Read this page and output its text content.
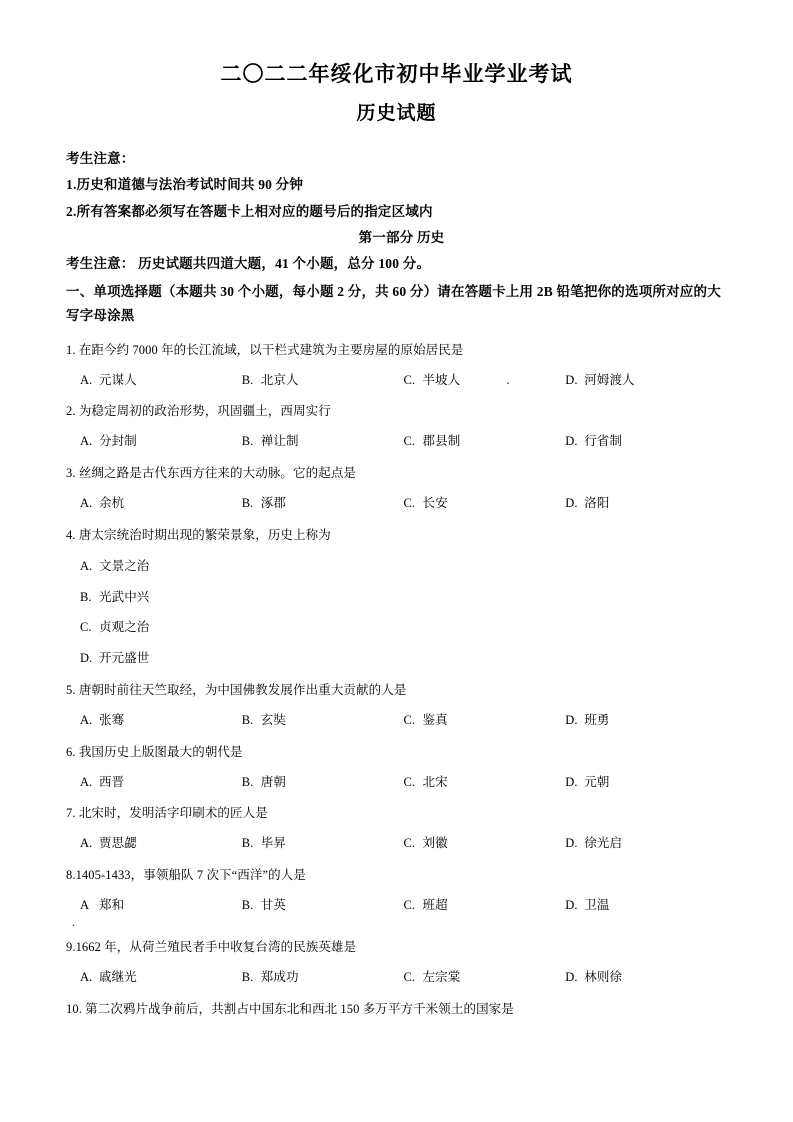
二〇二二年绥化市初中毕业学业考试
历史试题
考生注意：
1.历史和道德与法治考试时间共 90 分钟
2.所有答案都必须写在答题卡上相对应的题号后的指定区域内
第一部分 历史
考生注意： 历史试题共四道大题，41 个小题，总分 100 分。
一、单项选择题（本题共 30 个小题，每小题 2 分，共 60 分）请在答题卡上用 2B 铅笔把你的选项所对应的大写字母涂黑
1. 在距今约 7000 年的长江流域，以干栏式建筑为主要房屋的原始居民是
A. 元谋人	B. 北京人	C. 半坡人	.	D. 河姆渡人
2. 为稳定周初的政治形势，巩固疆土，西周实行
A. 分封制	B. 禅让制	C. 郡县制	D. 行省制
3. 丝绸之路是古代东西方往来的大动脉。它的起点是
A. 余杭	B. 涿郡	C. 长安	D. 洛阳
4. 唐太宗统治时期出现的繁荣景象，历史上称为
A. 文景之治
B. 光武中兴
C. 贞观之治
D. 开元盛世
5. 唐朝时前往天竺取经，为中国佛教发展作出重大贡献的人是
A. 张骞	B. 玄奘	C. 鉴真	D. 班勇
6. 我国历史上版图最大的朝代是
A. 西晋	B. 唐朝	C. 北宋	D. 元朝
7. 北宋时，发明活字印刷术的匠人是
A. 贾思勰	B. 毕昇	C. 刘徽	D. 徐光启
8.1405-1433，事领船队 7 次下“西洋”的人是
A 郑和	B. 甘英	C. 班超	D. 卫温
9.1662 年，从荷兰殖民者手中收复台湾的民族英雄是
A. 戚继光	B. 郑成功	C. 左宗棠	D. 林则徐
10. 第二次鸦片战争前后，共割占中国东北和西北 150 多万平方千米领土的国家是
.
